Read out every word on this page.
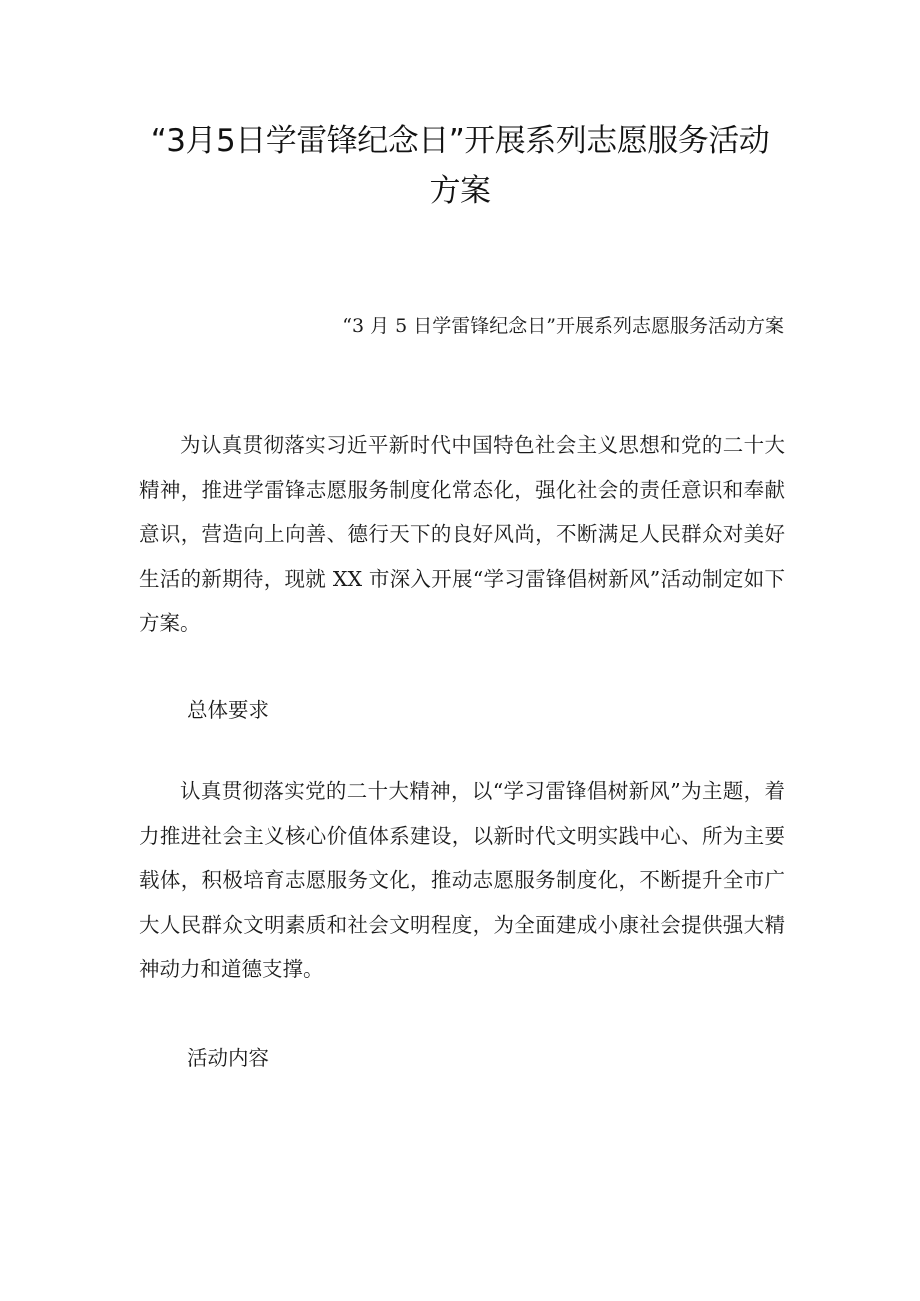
“3月5日学雷锋纪念日”开展系列志愿服务活动方案
“3 月 5 日学雷锋纪念日”开展系列志愿服务活动方案

为认真贯彻落实习近平新时代中国特色社会主义思想和党的二十大精神，推进学雷锋志愿服务制度化常态化，强化社会的责任意识和奉献意识，营造向上向善、德行天下的良好风尚，不断满足人民群众对美好生活的新期待，现就 XX 市深入开展“学习雷锋倡树新风”活动制定如下方案。

总体要求

认真贯彻落实党的二十大精神，以“学习雷锋倡树新风”为主题，着力推进社会主义核心价值体系建设，以新时代文明实践中心、所为主要载体，积极培育志愿服务文化，推动志愿服务制度化，不断提升全市广大人民群众文明素质和社会文明程度，为全面建成小康社会提供强大精神动力和道德支撑。

活动内容
